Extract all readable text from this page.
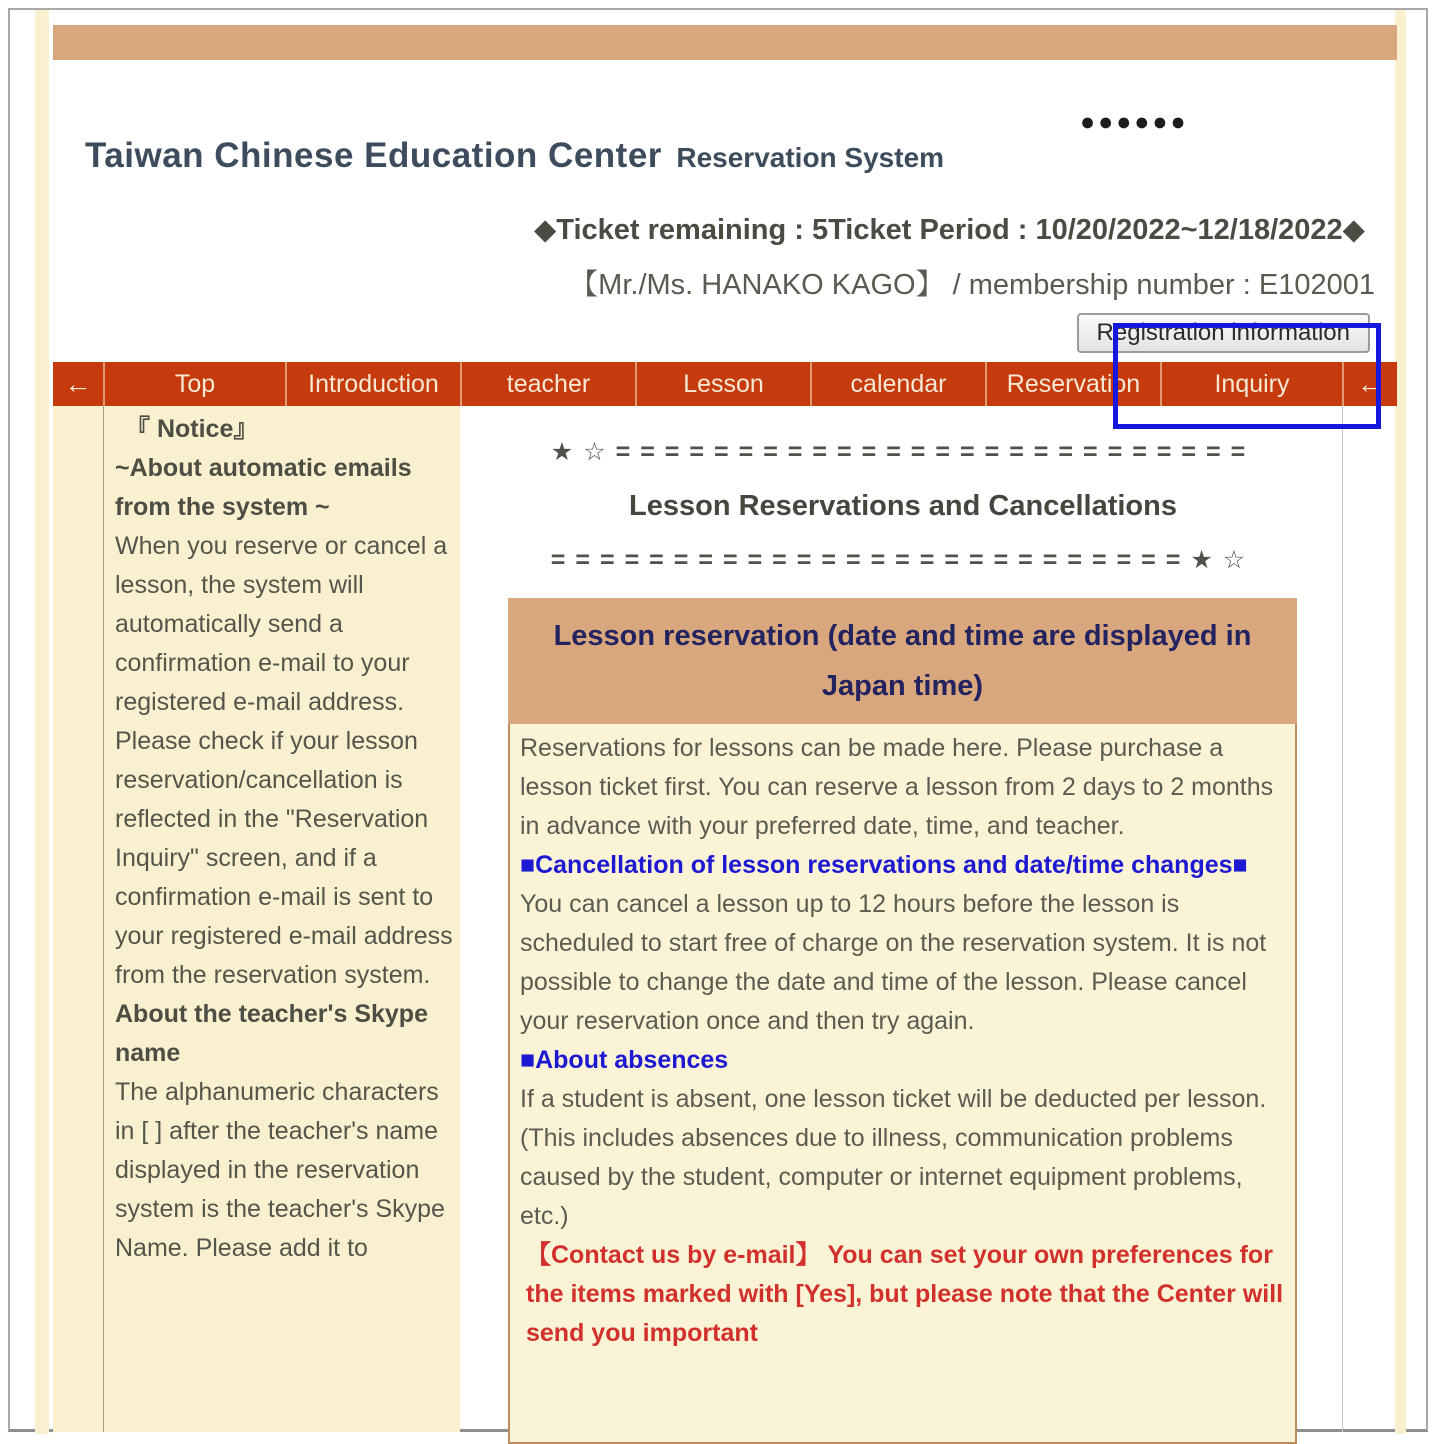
Taiwan Chinese Education Center Reservation System
●●●●●●
◆Ticket remaining : 5Ticket Period : 10/20/2022~12/18/2022◆
【Mr./Ms. HANAKO KAGO】 / membership number : E102001
Registration information
←	Top	Introduction	teacher	Lesson	calendar	Reservation	Inquiry	←
『 Notice』
~About automatic emails from the system ~
When you reserve or cancel a lesson, the system will automatically send a confirmation e-mail to your registered e-mail address. Please check if your lesson reservation/cancellation is reflected in the "Reservation Inquiry" screen, and if a confirmation e-mail is sent to your registered e-mail address from the reservation system.
About the teacher's Skype name
The alphanumeric characters in [ ] after the teacher's name displayed in the reservation system is the teacher's Skype Name. Please add it to
★☆==========================
Lesson Reservations and Cancellations
==========================★☆
Lesson reservation (date and time are displayed in Japan time)
Reservations for lessons can be made here. Please purchase a lesson ticket first. You can reserve a lesson from 2 days to 2 months in advance with your preferred date, time, and teacher.
■Cancellation of lesson reservations and date/time changes■
You can cancel a lesson up to 12 hours before the lesson is scheduled to start free of charge on the reservation system. It is not possible to change the date and time of the lesson. Please cancel your reservation once and then try again.
■About absences
If a student is absent, one lesson ticket will be deducted per lesson. (This includes absences due to illness, communication problems caused by the student, computer or internet equipment problems, etc.)
【Contact us by e-mail】 You can set your own preferences for the items marked with [Yes], but please note that the Center will send you important
